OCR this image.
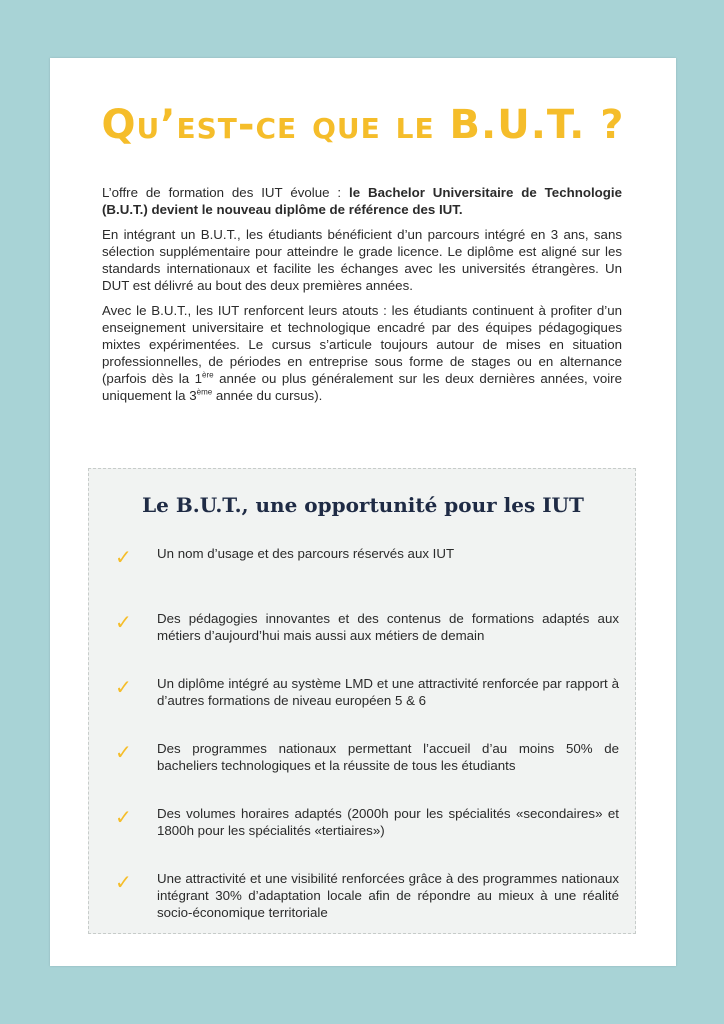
Qu’est-ce que le B.U.T. ?

L’offre de formation des IUT évolue : le Bachelor Universitaire de Technologie (B.U.T.) devient le nouveau diplôme de référence des IUT.

En intégrant un B.U.T., les étudiants bénéficient d’un parcours intégré en 3 ans, sans sélection supplémentaire pour atteindre le grade licence. Le diplôme est aligné sur les standards internationaux et facilite les échanges avec les universités étrangères. Un DUT est délivré au bout des deux premières années.

Avec le B.U.T., les IUT renforcent leurs atouts : les étudiants continuent à profiter d’un enseignement universitaire et technologique encadré par des équipes pédagogiques mixtes expérimentées. Le cursus s’articule toujours autour de mises en situation professionnelles, de périodes en entreprise sous forme de stages ou en alternance (parfois dès la 1ère année ou plus généralement sur les deux dernières années, voire uniquement la 3ème année du cursus).

Le B.U.T., une opportunité pour les IUT
✓ Un nom d’usage et des parcours réservés aux IUT
✓ Des pédagogies innovantes et des contenus de formations adaptés aux métiers d’aujourd’hui mais aussi aux métiers de demain
✓ Un diplôme intégré au système LMD et une attractivité renforcée par rapport à d’autres formations de niveau européen 5 & 6
✓ Des programmes nationaux permettant l’accueil d’au moins 50% de bacheliers technologiques et la réussite de tous les étudiants
✓ Des volumes horaires adaptés (2000h pour les spécialités «secondaires» et 1800h pour les spécialités «tertiaires»)
✓ Une attractivité et une visibilité renforcées grâce à des programmes nationaux intégrant 30% d’adaptation locale afin de répondre au mieux à une réalité socio-économique territoriale
